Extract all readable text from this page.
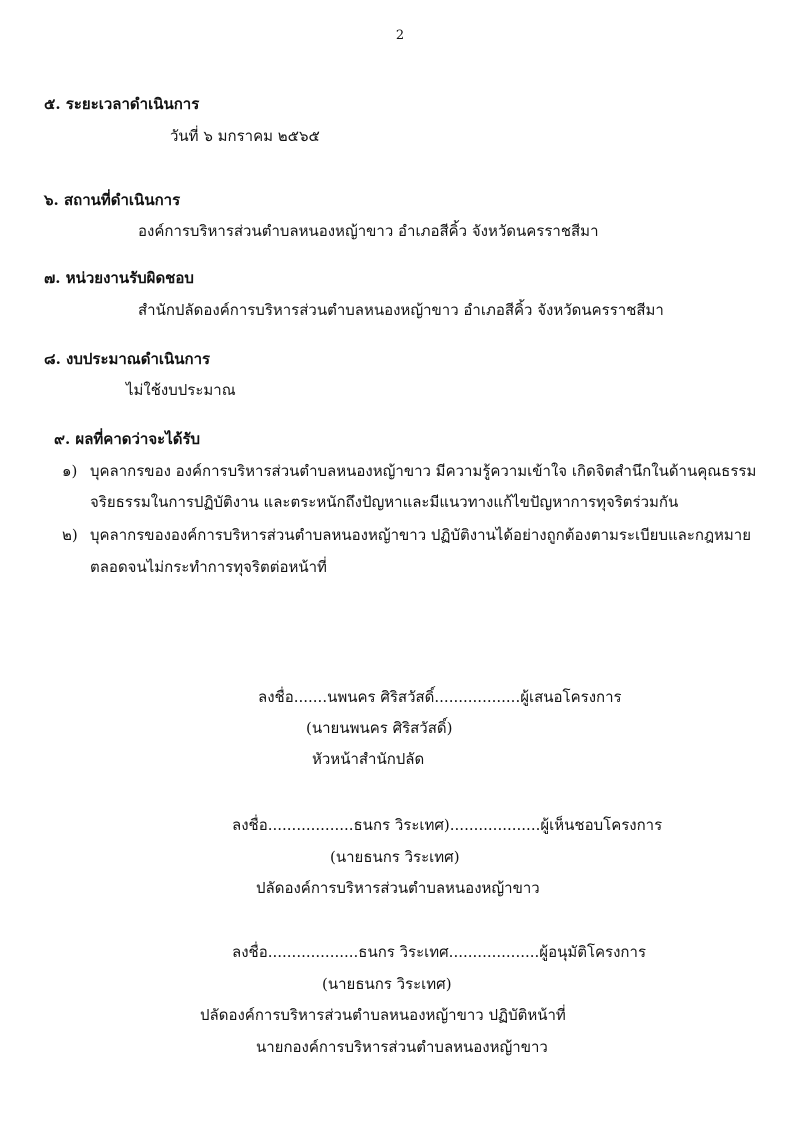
2
๕. ระยะเวลาดำเนินการ
วันที่ ๖ มกราคม ๒๕๖๕
๖. สถานที่ดำเนินการ
องค์การบริหารส่วนตำบลหนองหญ้าขาว อำเภอสีคิ้ว จังหวัดนครราชสีมา
๗. หน่วยงานรับผิดชอบ
สำนักปลัดองค์การบริหารส่วนตำบลหนองหญ้าขาว อำเภอสีคิ้ว จังหวัดนครราชสีมา
๘. งบประมาณดำเนินการ
ไม่ใช้งบประมาณ
๙. ผลที่คาดว่าจะได้รับ
๑) บุคลากรของ องค์การบริหารส่วนตำบลหนองหญ้าขาว มีความรู้ความเข้าใจ เกิดจิตสำนึกในด้านคุณธรรม
จริยธรรมในการปฏิบัติงาน และตระหนักถึงปัญหาและมีแนวทางแก้ไขปัญหาการทุจริตร่วมกัน
๒) บุคลากรขององค์การบริหารส่วนตำบลหนองหญ้าขาว ปฏิบัติงานได้อย่างถูกต้องตามระเบียบและกฎหมาย
ตลอดจนไม่กระทำการทุจริตต่อหน้าที่
ลงชื่อ.......นพนคร ศิริสวัสดิ์..................ผู้เสนอโครงการ
(นายนพนคร ศิริสวัสดิ์)
หัวหน้าสำนักปลัด
ลงชื่อ..................ธนกร วิระเทศ)...................ผู้เห็นชอบโครงการ
(นายธนกร วิระเทศ)
ปลัดองค์การบริหารส่วนตำบลหนองหญ้าขาว
ลงชื่อ...................ธนกร วิระเทศ...................ผู้อนุมัติโครงการ
(นายธนกร วิระเทศ)
ปลัดองค์การบริหารส่วนตำบลหนองหญ้าขาว ปฏิบัติหน้าที่
นายกองค์การบริหารส่วนตำบลหนองหญ้าขาว
